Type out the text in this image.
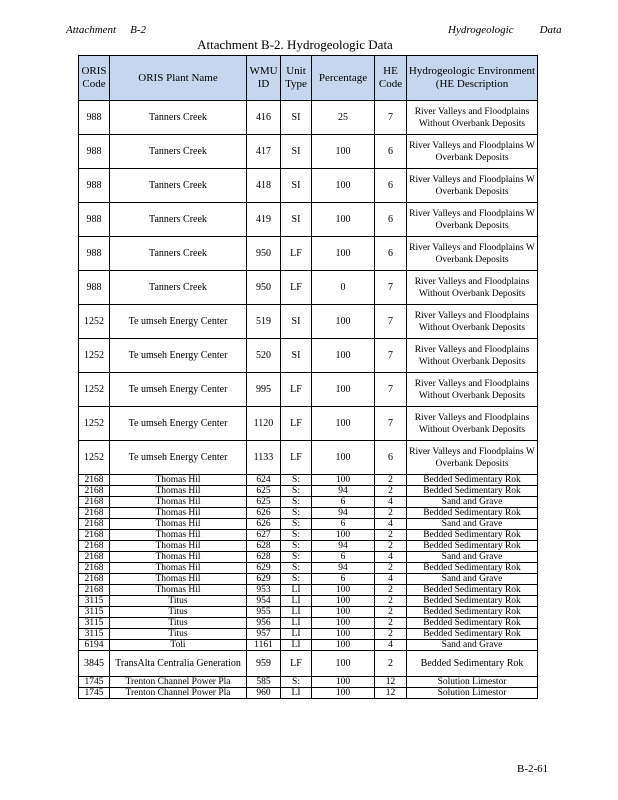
Attachment B-2	Hydrogeologic Data
Attachment B-2. Hydrogeologic Data
ORIS Code	ORIS Plant Name	WMU ID	Unit Type	Percentage	HE Code	Hydrogeologic Environment (HE Description
988	Tanners Creek	416	SI	25	7	River Valleys and Floodplains Without Overbank Deposits
988	Tanners Creek	417	SI	100	6	River Valleys and Floodplains W Overbank Deposits
988	Tanners Creek	418	SI	100	6	River Valleys and Floodplains W Overbank Deposits
988	Tanners Creek	419	SI	100	6	River Valleys and Floodplains W Overbank Deposits
988	Tanners Creek	950	LF	100	6	River Valleys and Floodplains W Overbank Deposits
988	Tanners Creek	950	LF	0	7	River Valleys and Floodplains Without Overbank Deposits
1252	Te umseh Energy Center	519	SI	100	7	River Valleys and Floodplains Without Overbank Deposits
1252	Te umseh Energy Center	520	SI	100	7	River Valleys and Floodplains Without Overbank Deposits
1252	Te umseh Energy Center	995	LF	100	7	River Valleys and Floodplains Without Overbank Deposits
1252	Te umseh Energy Center	1120	LF	100	7	River Valleys and Floodplains Without Overbank Deposits
1252	Te umseh Energy Center	1133	LF	100	6	River Valleys and Floodplains W Overbank Deposits
2168	Thomas Hil	624	S:	100	2	Bedded Sedimentary Rok
2168	Thomas Hil	625	S:	94	2	Bedded Sedimentary Rok
2168	Thomas Hil	625	S:	6	4	Sand and Grave
2168	Thomas Hil	626	S:	94	2	Bedded Sedimentary Rok
2168	Thomas Hil	626	S:	6	4	Sand and Grave
2168	Thomas Hil	627	S:	100	2	Bedded Sedimentary Rok
2168	Thomas Hil	628	S:	94	2	Bedded Sedimentary Rok
2168	Thomas Hil	628	S:	6	4	Sand and Grave
2168	Thomas Hil	629	S:	94	2	Bedded Sedimentary Rok
2168	Thomas Hil	629	S:	6	4	Sand and Grave
2168	Thomas Hil	953	LI	100	2	Bedded Sedimentary Rok
3115	Titus	954	LI	100	2	Bedded Sedimentary Rok
3115	Titus	955	LI	100	2	Bedded Sedimentary Rok
3115	Titus	956	LI	100	2	Bedded Sedimentary Rok
3115	Titus	957	LI	100	2	Bedded Sedimentary Rok
6194	Toli	1161	LI	100	4	Sand and Grave
3845	TransAlta Centralia Generation	959	LF	100	2	Bedded Sedimentary Rok
1745	Trenton Channel Power Pla	585	S:	100	12	Solution Limestor
1745	Trenton Channel Power Pla	960	LI	100	12	Solution Limestor
B-2-61
